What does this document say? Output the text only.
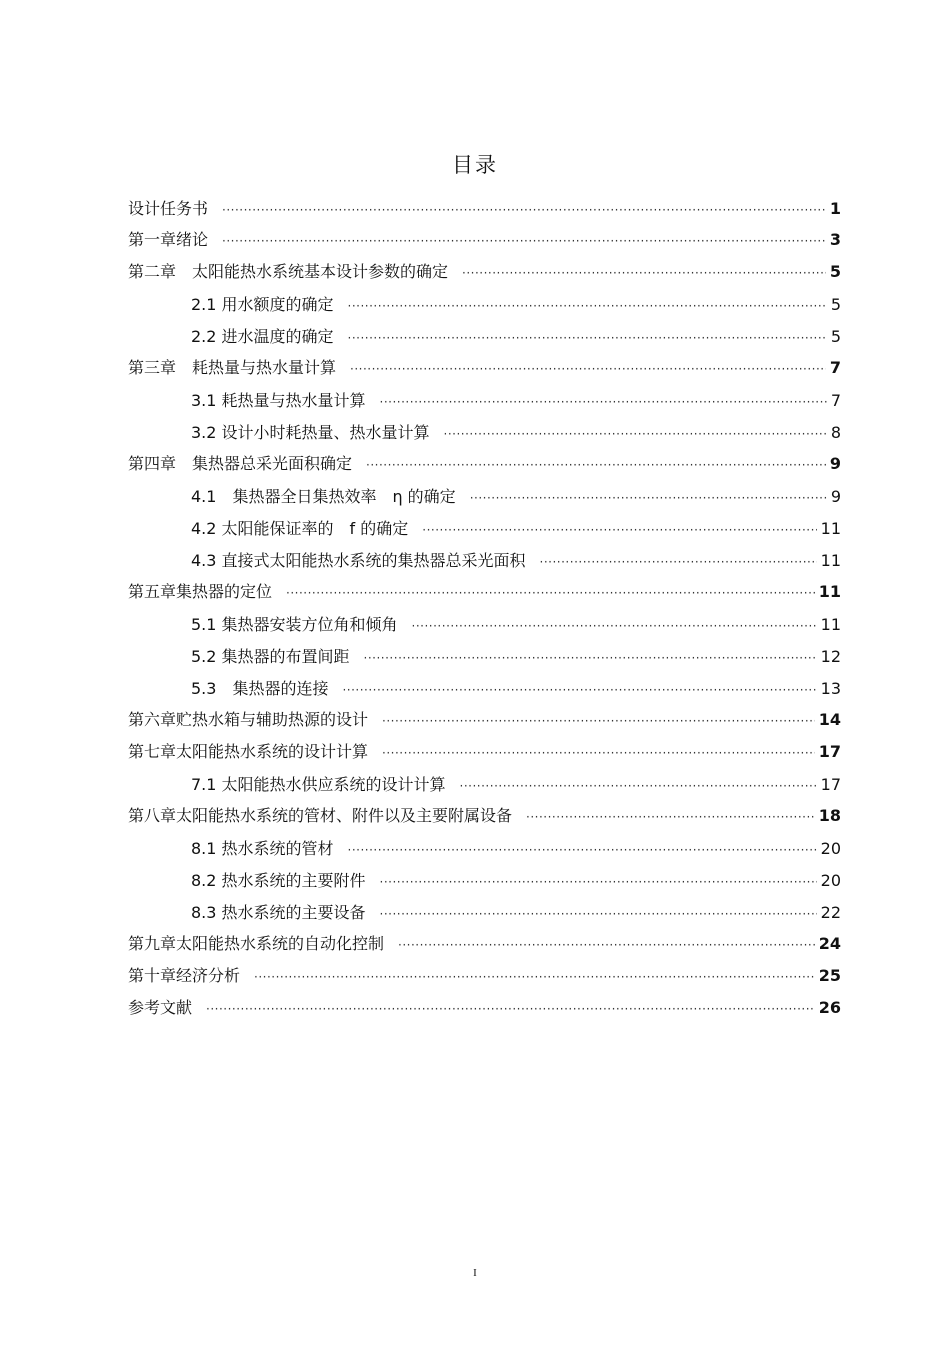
目录
设计任务书 ·····	1
第一章绪论 ·····	3
第二章　太阳能热水系统基本设计参数的确定 ·····	5
2.1 用水额度的确定 ·····	5
2.2 进水温度的确定 ·····	5
第三章　耗热量与热水量计算 ·····	7
3.1 耗热量与热水量计算 ·····	7
3.2 设计小时耗热量、热水量计算 ·····	8
第四章　集热器总采光面积确定 ·····	9
4.1　集热器全日集热效率　η 的确定 ·····	9
4.2 太阳能保证率的　f 的确定 ·····	11
4.3 直接式太阳能热水系统的集热器总采光面积 ·····	11
第五章集热器的定位 ·····	11
5.1 集热器安装方位角和倾角 ·····	11
5.2 集热器的布置间距 ·····	12
5.3　集热器的连接 ·····	13
第六章贮热水箱与辅助热源的设计 ·····	14
第七章太阳能热水系统的设计计算 ·····	17
7.1 太阳能热水供应系统的设计计算 ·····	17
第八章太阳能热水系统的管材、附件以及主要附属设备 ·····	18
8.1 热水系统的管材 ·····	20
8.2 热水系统的主要附件 ·····	20
8.3 热水系统的主要设备 ·····	22
第九章太阳能热水系统的自动化控制 ·····	24
第十章经济分析 ·····	25
参考文献 ·····	26
I
